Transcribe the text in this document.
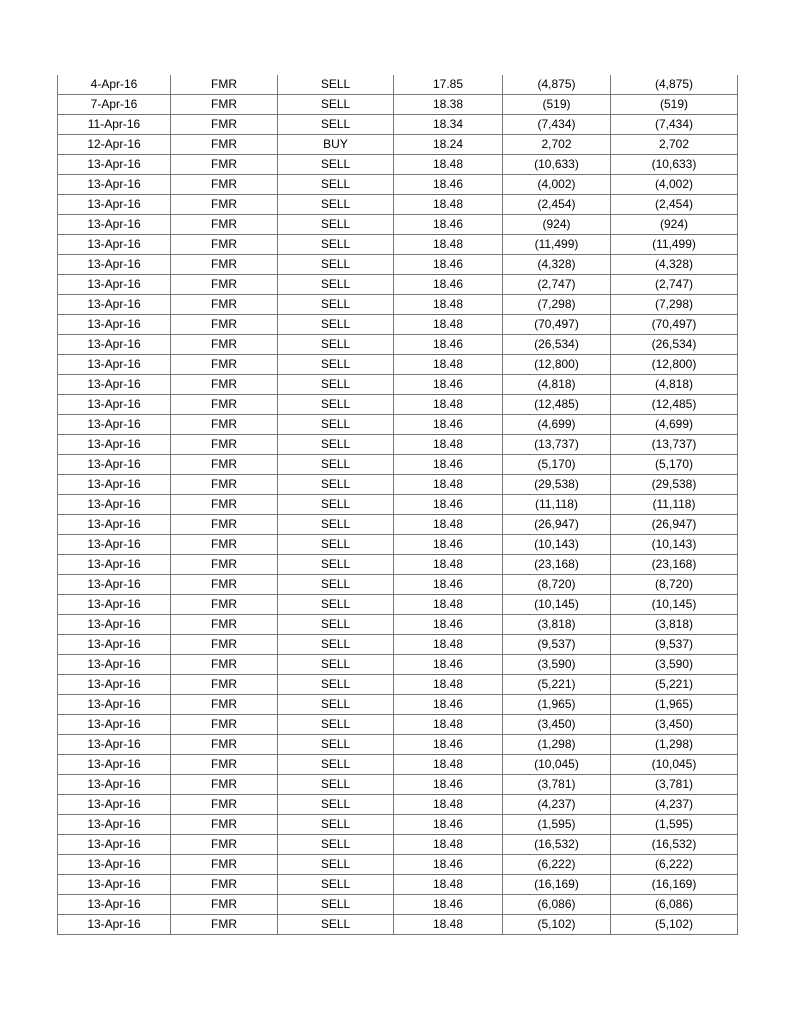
4-Apr-16	FMR	SELL	17.85	(4,875)	(4,875)
7-Apr-16	FMR	SELL	18.38	(519)	(519)
11-Apr-16	FMR	SELL	18.34	(7,434)	(7,434)
12-Apr-16	FMR	BUY	18.24	2,702	2,702
13-Apr-16	FMR	SELL	18.48	(10,633)	(10,633)
13-Apr-16	FMR	SELL	18.46	(4,002)	(4,002)
13-Apr-16	FMR	SELL	18.48	(2,454)	(2,454)
13-Apr-16	FMR	SELL	18.46	(924)	(924)
13-Apr-16	FMR	SELL	18.48	(11,499)	(11,499)
13-Apr-16	FMR	SELL	18.46	(4,328)	(4,328)
13-Apr-16	FMR	SELL	18.46	(2,747)	(2,747)
13-Apr-16	FMR	SELL	18.48	(7,298)	(7,298)
13-Apr-16	FMR	SELL	18.48	(70,497)	(70,497)
13-Apr-16	FMR	SELL	18.46	(26,534)	(26,534)
13-Apr-16	FMR	SELL	18.48	(12,800)	(12,800)
13-Apr-16	FMR	SELL	18.46	(4,818)	(4,818)
13-Apr-16	FMR	SELL	18.48	(12,485)	(12,485)
13-Apr-16	FMR	SELL	18.46	(4,699)	(4,699)
13-Apr-16	FMR	SELL	18.48	(13,737)	(13,737)
13-Apr-16	FMR	SELL	18.46	(5,170)	(5,170)
13-Apr-16	FMR	SELL	18.48	(29,538)	(29,538)
13-Apr-16	FMR	SELL	18.46	(11,118)	(11,118)
13-Apr-16	FMR	SELL	18.48	(26,947)	(26,947)
13-Apr-16	FMR	SELL	18.46	(10,143)	(10,143)
13-Apr-16	FMR	SELL	18.48	(23,168)	(23,168)
13-Apr-16	FMR	SELL	18.46	(8,720)	(8,720)
13-Apr-16	FMR	SELL	18.48	(10,145)	(10,145)
13-Apr-16	FMR	SELL	18.46	(3,818)	(3,818)
13-Apr-16	FMR	SELL	18.48	(9,537)	(9,537)
13-Apr-16	FMR	SELL	18.46	(3,590)	(3,590)
13-Apr-16	FMR	SELL	18.48	(5,221)	(5,221)
13-Apr-16	FMR	SELL	18.46	(1,965)	(1,965)
13-Apr-16	FMR	SELL	18.48	(3,450)	(3,450)
13-Apr-16	FMR	SELL	18.46	(1,298)	(1,298)
13-Apr-16	FMR	SELL	18.48	(10,045)	(10,045)
13-Apr-16	FMR	SELL	18.46	(3,781)	(3,781)
13-Apr-16	FMR	SELL	18.48	(4,237)	(4,237)
13-Apr-16	FMR	SELL	18.46	(1,595)	(1,595)
13-Apr-16	FMR	SELL	18.48	(16,532)	(16,532)
13-Apr-16	FMR	SELL	18.46	(6,222)	(6,222)
13-Apr-16	FMR	SELL	18.48	(16,169)	(16,169)
13-Apr-16	FMR	SELL	18.46	(6,086)	(6,086)
13-Apr-16	FMR	SELL	18.48	(5,102)	(5,102)
